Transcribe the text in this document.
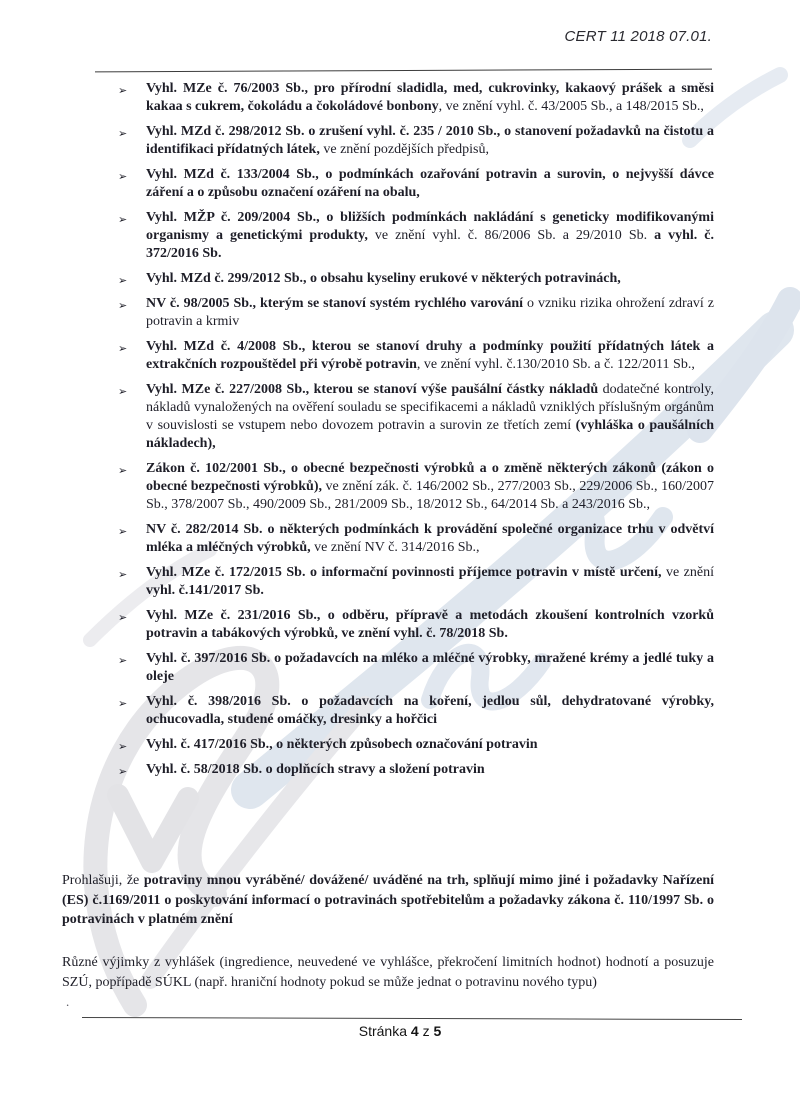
CERT 11 2018 07.01.
➢ Vyhl. MZe č. 76/2003 Sb., pro přírodní sladidla, med, cukrovinky, kakaový prášek a směsi kakaa s cukrem, čokoládu a čokoládové bonbony, ve znění vyhl. č. 43/2005 Sb., a 148/2015 Sb.,
➢ Vyhl. MZd č. 298/2012 Sb. o zrušení vyhl. č. 235 / 2010 Sb., o stanovení požadavků na čistotu a identifikaci přídatných látek, ve znění pozdějších předpisů,
➢ Vyhl. MZd č. 133/2004 Sb., o podmínkách ozařování potravin a surovin, o nejvyšší dávce záření a o způsobu označení ozáření na obalu,
➢ Vyhl. MŽP č. 209/2004 Sb., o bližších podmínkách nakládání s geneticky modifikovanými organismy a genetickými produkty, ve znění vyhl. č. 86/2006 Sb. a 29/2010 Sb. a vyhl. č. 372/2016 Sb.
➢ Vyhl. MZd č. 299/2012 Sb., o obsahu kyseliny erukové v některých potravinách,
➢ NV č. 98/2005 Sb., kterým se stanoví systém rychlého varování o vzniku rizika ohrožení zdraví z potravin a krmiv
➢ Vyhl. MZd č. 4/2008 Sb., kterou se stanoví druhy a podmínky použití přídatných látek a extrakčních rozpouštědel při výrobě potravin, ve znění vyhl. č.130/2010 Sb. a č. 122/2011 Sb.,
➢ Vyhl. MZe č. 227/2008 Sb., kterou se stanoví výše paušální částky nákladů dodatečné kontroly, nákladů vynaložených na ověření souladu se specifikacemi a nákladů vzniklých příslušným orgánům v souvislosti se vstupem nebo dovozem potravin a surovin ze třetích zemí (vyhláška o paušálních nákladech),
➢ Zákon č. 102/2001 Sb., o obecné bezpečnosti výrobků a o změně některých zákonů (zákon o obecné bezpečnosti výrobků), ve znění zák. č. 146/2002 Sb., 277/2003 Sb., 229/2006 Sb., 160/2007 Sb., 378/2007 Sb., 490/2009 Sb., 281/2009 Sb., 18/2012 Sb., 64/2014 Sb. a 243/2016 Sb.,
➢ NV č. 282/2014 Sb. o některých podmínkách k provádění společné organizace trhu v odvětví mléka a mléčných výrobků, ve znění NV č. 314/2016 Sb.,
➢ Vyhl. MZe č. 172/2015 Sb. o informační povinnosti příjemce potravin v místě určení, ve znění vyhl. č.141/2017 Sb.
➢ Vyhl. MZe č. 231/2016 Sb., o odběru, přípravě a metodách zkoušení kontrolních vzorků potravin a tabákových výrobků, ve znění vyhl. č. 78/2018 Sb.
➢ Vyhl. č. 397/2016 Sb. o požadavcích na mléko a mléčné výrobky, mražené krémy a jedlé tuky a oleje
➢ Vyhl. č. 398/2016 Sb. o požadavcích na koření, jedlou sůl, dehydratované výrobky, ochucovadla, studené omáčky, dresinky a hořčici
➢ Vyhl. č. 417/2016 Sb., o některých způsobech označování potravin
➢ Vyhl. č. 58/2018 Sb. o doplňcích stravy a složení potravin

Prohlašuji, že potraviny mnou vyráběné/ dovážené/ uváděné na trh, splňují mimo jiné i požadavky Nařízení (ES) č.1169/2011 o poskytování informací o potravinách spotřebitelům a požadavky zákona č. 110/1997 Sb. o potravinách v platném znění

Různé výjimky z vyhlášek (ingredience, neuvedené ve vyhlášce, překročení limitních hodnot) hodnotí a posuzuje SZÚ, popřípadě SÚKL (např. hraniční hodnoty pokud se může jednat o potravinu nového typu)

.
Stránka 4 z 5
